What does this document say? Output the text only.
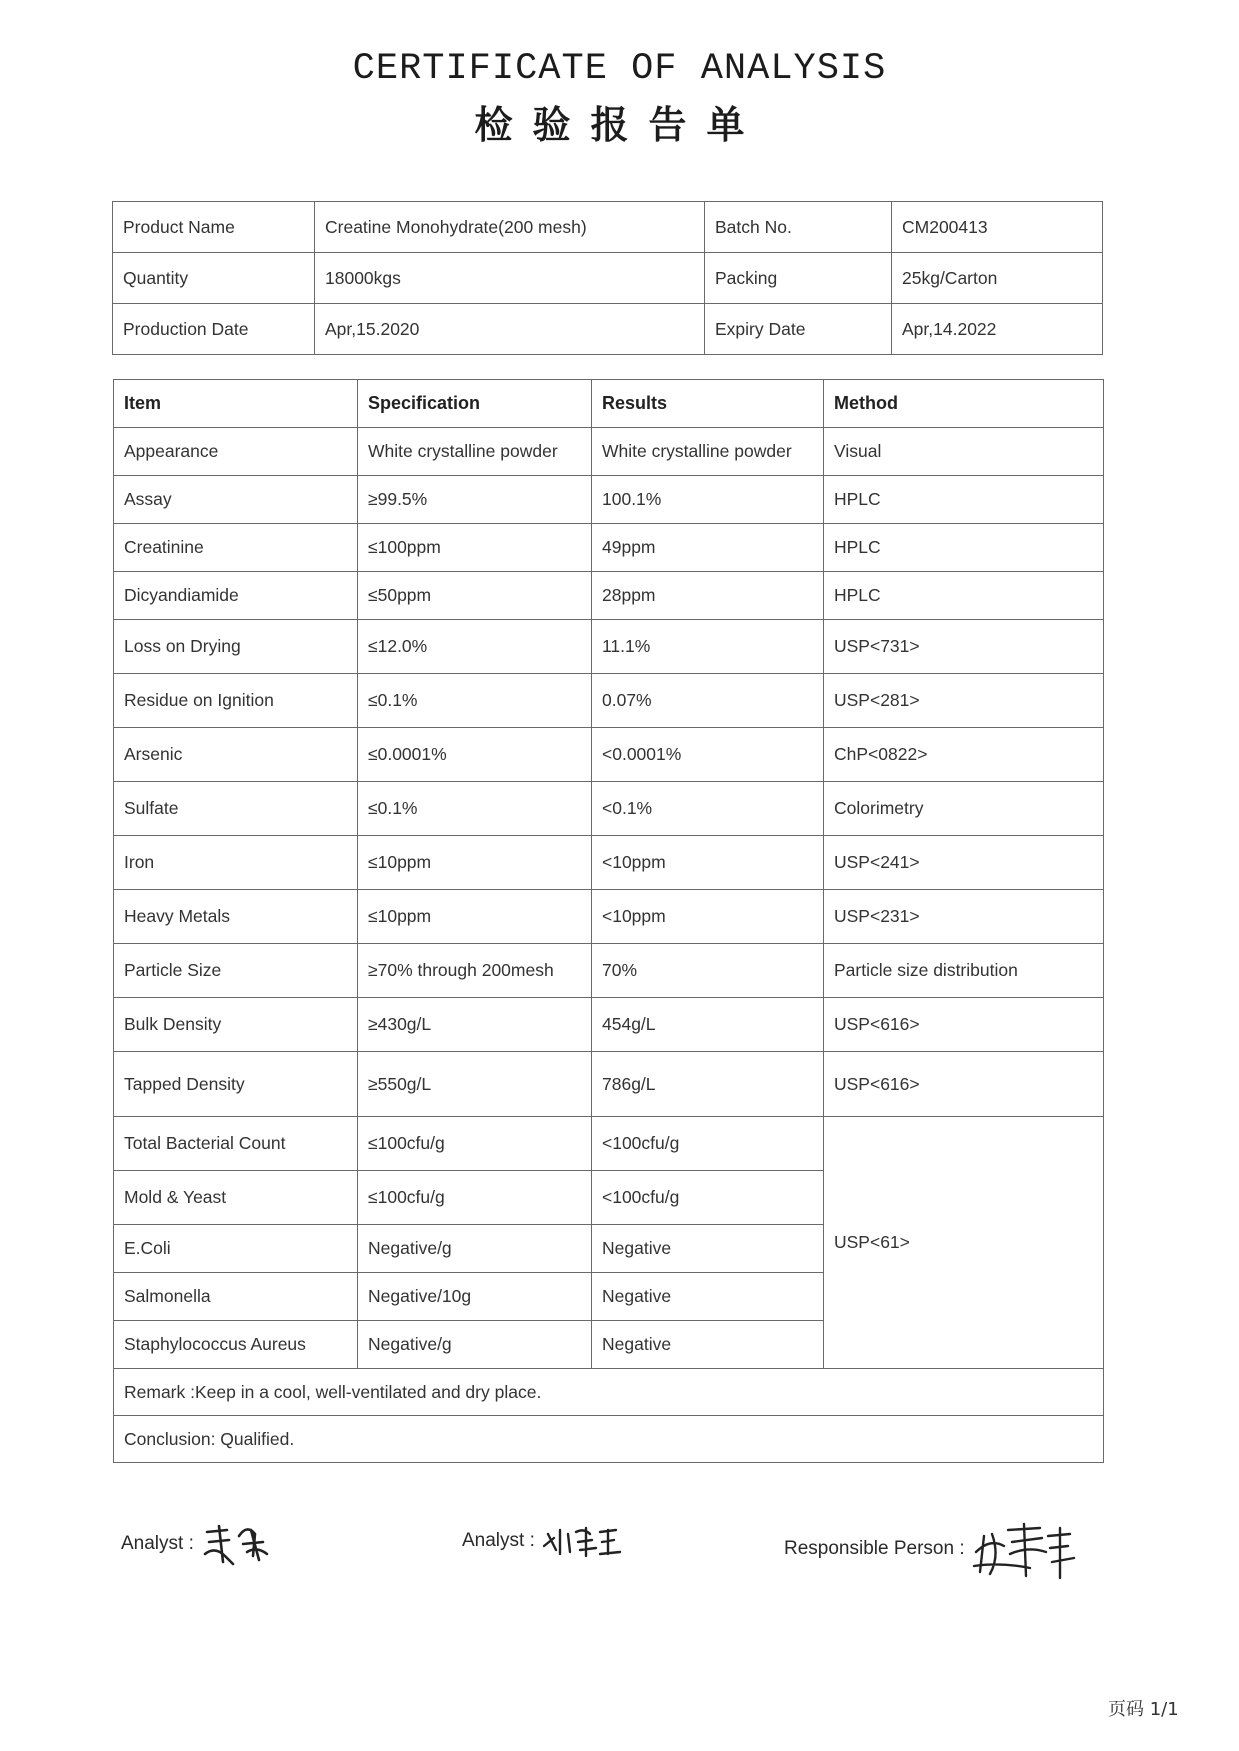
CERTIFICATE OF ANALYSIS
检验报告单
Product Name	Creatine Monohydrate(200 mesh)	Batch No.	CM200413
Quantity	18000kgs	Packing	25kg/Carton
Production Date	Apr,15.2020	Expiry Date	Apr,14.2022
Item	Specification	Results	Method
Appearance	White crystalline powder	White crystalline powder	Visual
Assay	≥99.5%	100.1%	HPLC
Creatinine	≤100ppm	49ppm	HPLC
Dicyandiamide	≤50ppm	28ppm	HPLC
Loss on Drying	≤12.0%	11.1%	USP<731>
Residue on Ignition	≤0.1%	0.07%	USP<281>
Arsenic	≤0.0001%	<0.0001%	ChP<0822>
Sulfate	≤0.1%	<0.1%	Colorimetry
Iron	≤10ppm	<10ppm	USP<241>
Heavy Metals	≤10ppm	<10ppm	USP<231>
Particle Size	≥70% through 200mesh	70%	Particle size distribution
Bulk Density	≥430g/L	454g/L	USP<616>
Tapped Density	≥550g/L	786g/L	USP<616>
Total Bacterial Count	≤100cfu/g	<100cfu/g	USP<61>
Mold & Yeast	≤100cfu/g	<100cfu/g	
E.Coli	Negative/g	Negative	
Salmonella	Negative/10g	Negative	
Staphylococcus Aureus	Negative/g	Negative	
Remark :Keep in a cool, well-ventilated and dry place.			
Conclusion: Qualified.			
Analyst :	Analyst :	Responsible Person :
页码 1/1
